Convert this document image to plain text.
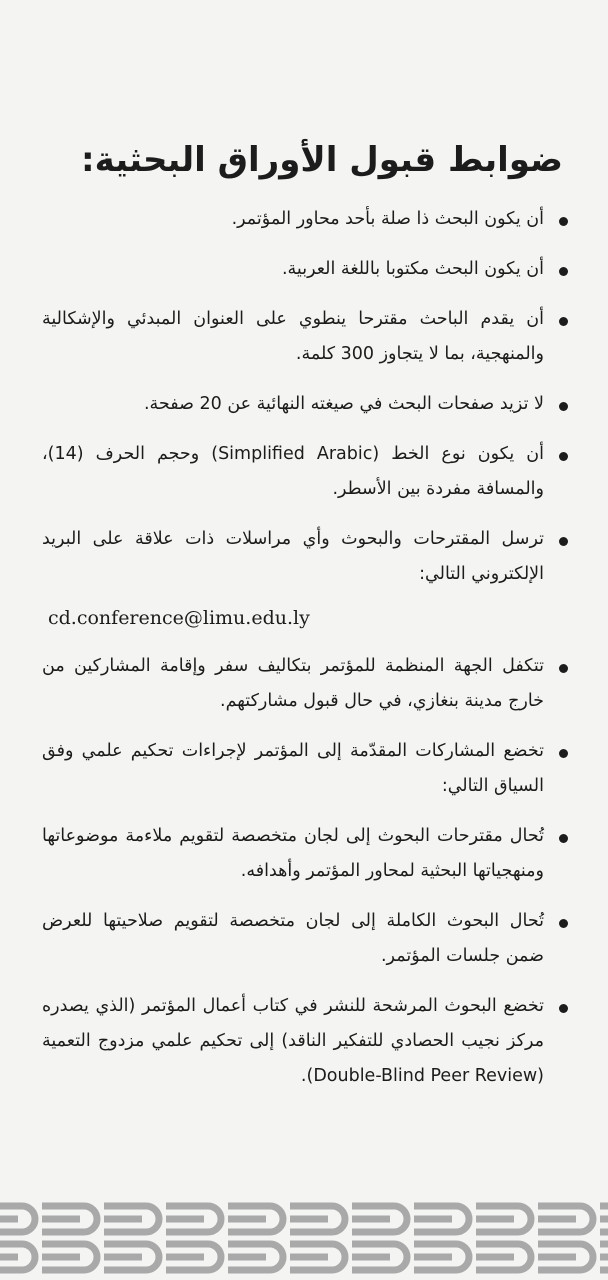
ضوابط قبول الأوراق البحثية:
أن يكون البحث ذا صلة بأحد محاور المؤتمر.
أن يكون البحث مكتوبا باللغة العربية.
أن يقدم الباحث مقترحا ينطوي على العنوان المبدئي والإشكالية والمنهجية، بما لا يتجاوز 300 كلمة.
لا تزيد صفحات البحث في صيغته النهائية عن 20 صفحة.
أن يكون نوع الخط (Simplified Arabic) وحجم الحرف (14)، والمسافة مفردة بين الأسطر.
ترسل المقترحات والبحوث وأي مراسلات ذات علاقة على البريد الإلكتروني التالي:
cd.conference@limu.edu.ly
تتكفل الجهة المنظمة للمؤتمر بتكاليف سفر وإقامة المشاركين من خارج مدينة بنغازي، في حال قبول مشاركتهم.
تخضع المشاركات المقدّمة إلى المؤتمر لإجراءات تحكيم علمي وفق السياق التالي:
تُحال مقترحات البحوث إلى لجان متخصصة لتقويم ملاءمة موضوعاتها ومنهجياتها البحثية لمحاور المؤتمر وأهدافه.
تُحال البحوث الكاملة إلى لجان متخصصة لتقويم صلاحيتها للعرض ضمن جلسات المؤتمر.
تخضع البحوث المرشحة للنشر في كتاب أعمال المؤتمر (الذي يصدره مركز نجيب الحصادي للتفكير الناقد) إلى تحكيم علمي مزدوج التعمية (Double-Blind Peer Review).
